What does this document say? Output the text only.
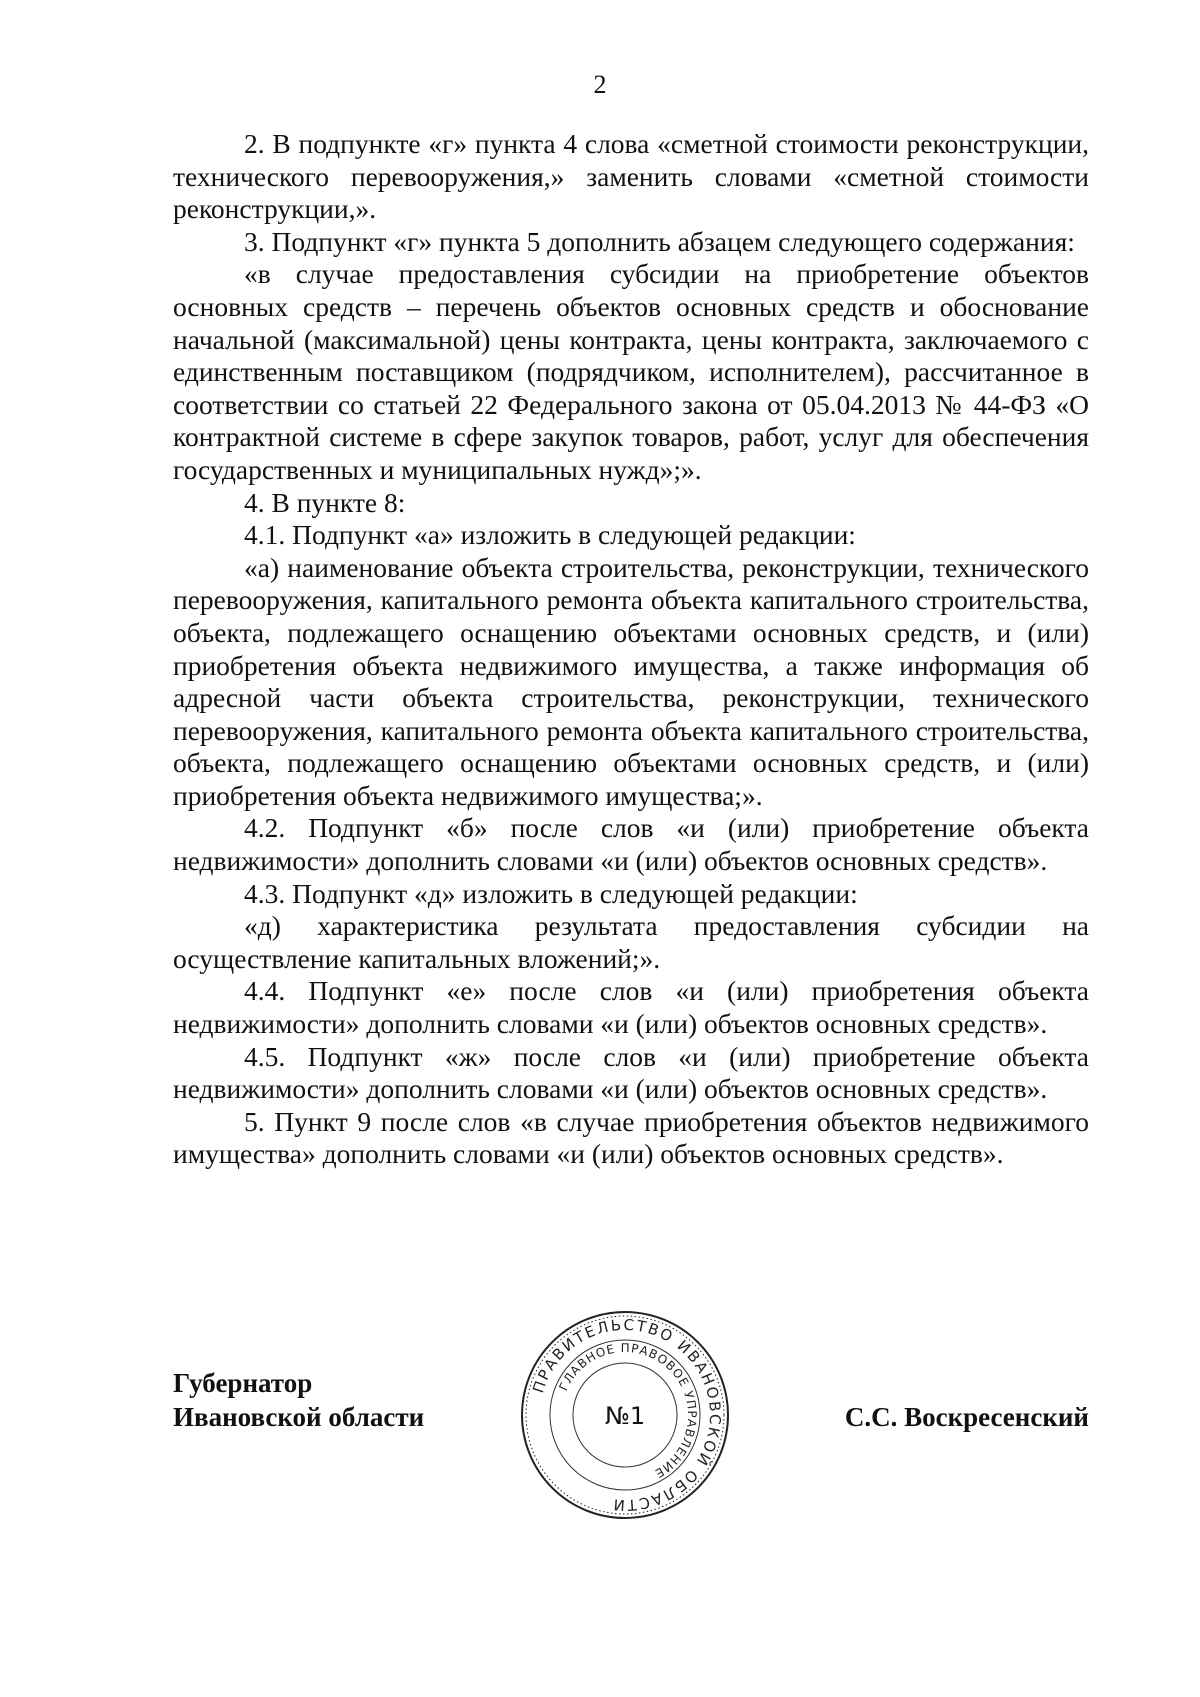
2

2. В подпункте «г» пункта 4 слова «сметной стоимости реконструкции, технического перевооружения,» заменить словами «сметной стоимости реконструкции,».

3. Подпункт «г» пункта 5 дополнить абзацем следующего содержания:

«в случае предоставления субсидии на приобретение объектов основных средств – перечень объектов основных средств и обоснование начальной (максимальной) цены контракта, цены контракта, заключаемого с единственным поставщиком (подрядчиком, исполнителем), рассчитанное в соответствии со статьей 22 Федерального закона от 05.04.2013 № 44-ФЗ «О контрактной системе в сфере закупок товаров, работ, услуг для обеспечения государственных и муниципальных нужд»;».

4. В пункте 8:

4.1. Подпункт «а» изложить в следующей редакции:

«а) наименование объекта строительства, реконструкции, технического перевооружения, капитального ремонта объекта капитального строительства, объекта, подлежащего оснащению объектами основных средств, и (или) приобретения объекта недвижимого имущества, а также информация об адресной части объекта строительства, реконструкции, технического перевооружения, капитального ремонта объекта капитального строительства, объекта, подлежащего оснащению объектами основных средств, и (или) приобретения объекта недвижимого имущества;».

4.2. Подпункт «б» после слов «и (или) приобретение объекта недвижимости» дополнить словами «и (или) объектов основных средств».

4.3. Подпункт «д» изложить в следующей редакции:

«д) характеристика результата предоставления субсидии на осуществление капитальных вложений;».

4.4. Подпункт «е» после слов «и (или) приобретения объекта недвижимости» дополнить словами «и (или) объектов основных средств».

4.5. Подпункт «ж» после слов «и (или) приобретение объекта недвижимости» дополнить словами «и (или) объектов основных средств».

5. Пункт 9 после слов «в случае приобретения объектов недвижимого имущества» дополнить словами «и (или) объектов основных средств».

Губернатор
Ивановской области	С.С. Воскресенский
ПРАВИТЕЛЬСТВО ИВАНОВСКОЙ ОБЛАСТИ
ГЛАВНОЕ ПРАВОВОЕ УПРАВЛЕНИЕ
№1
